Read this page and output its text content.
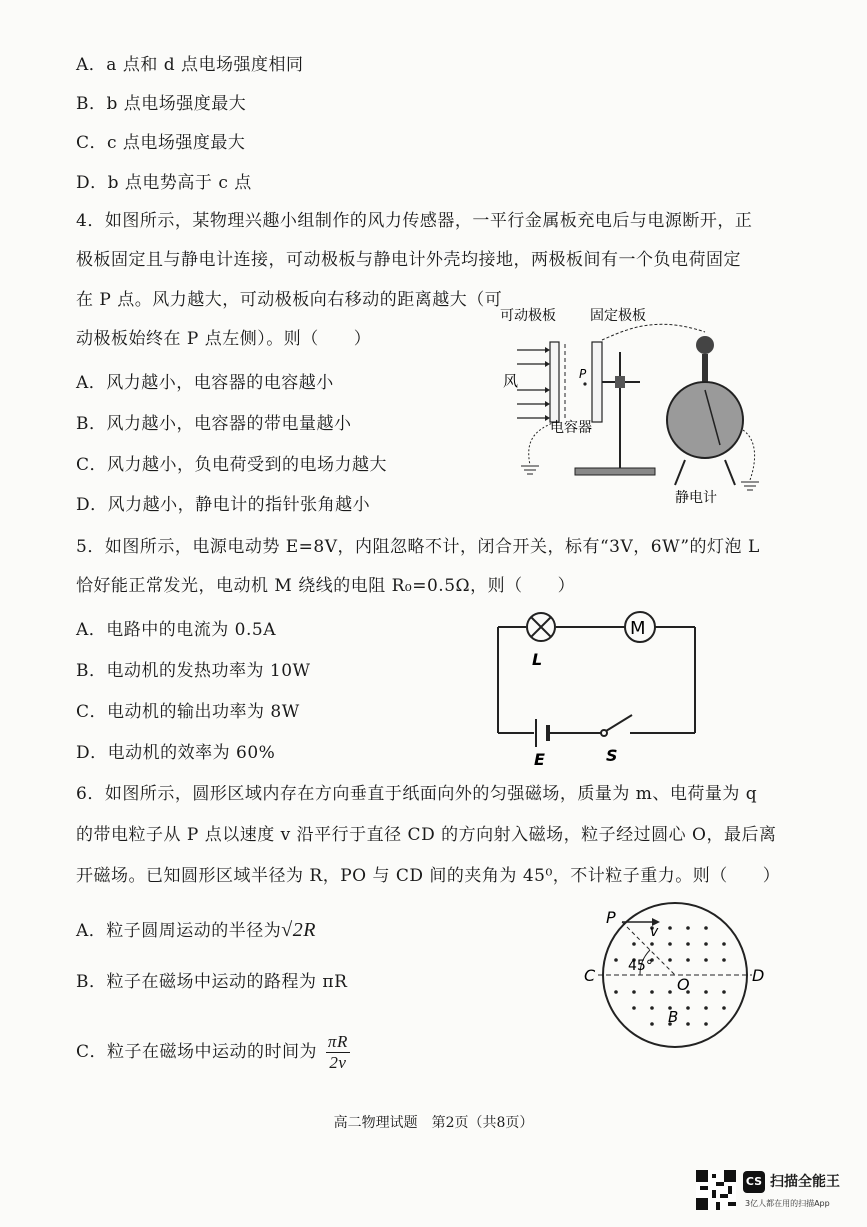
A．a 点和 d 点电场强度相同
B．b 点电场强度最大
C．c 点电场强度最大
D．b 点电势高于 c 点
4．如图所示，某物理兴趣小组制作的风力传感器，一平行金属板充电后与电源断开，正
极板固定且与静电计连接，可动极板与静电计外壳均接地，两极板间有一个负电荷固定
在 P 点。风力越大，可动极板向右移动的距离越大（可
动极板始终在 P 点左侧）。则（　　）
A．风力越小，电容器的电容越小
B．风力越小，电容器的带电量越小
C．风力越小，负电荷受到的电场力越大
D．风力越小，静电计的指针张角越小
可动极板 固定极板
风	P
电容器
静电计
5．如图所示，电源电动势 E=8V，内阻忽略不计，闭合开关，标有“3V，6W”的灯泡 L
恰好能正常发光，电动机 M 绕线的电阻 R₀=0.5Ω，则（　　）
A．电路中的电流为 0.5A
B．电动机的发热功率为 10W
C．电动机的输出功率为 8W
D．电动机的效率为 60%
L
M
E	S
6．如图所示，圆形区域内存在方向垂直于纸面向外的匀强磁场，质量为 m、电荷量为 q
的带电粒子从 P 点以速度 v 沿平行于直径 CD 的方向射入磁场，粒子经过圆心 O，最后离
开磁场。已知圆形区域半径为 R，PO 与 CD 间的夹角为 45⁰，不计粒子重力。则（　　）
A．粒子圆周运动的半径为√2R
B．粒子在磁场中运动的路程为 πR
C．粒子在磁场中运动的时间为 $\frac{\pi R}{2v}$
P
v
45°
C	D
O
B
高二物理试题　第2页（共8页）
CS 扫描全能王
3亿人都在用的扫描App
